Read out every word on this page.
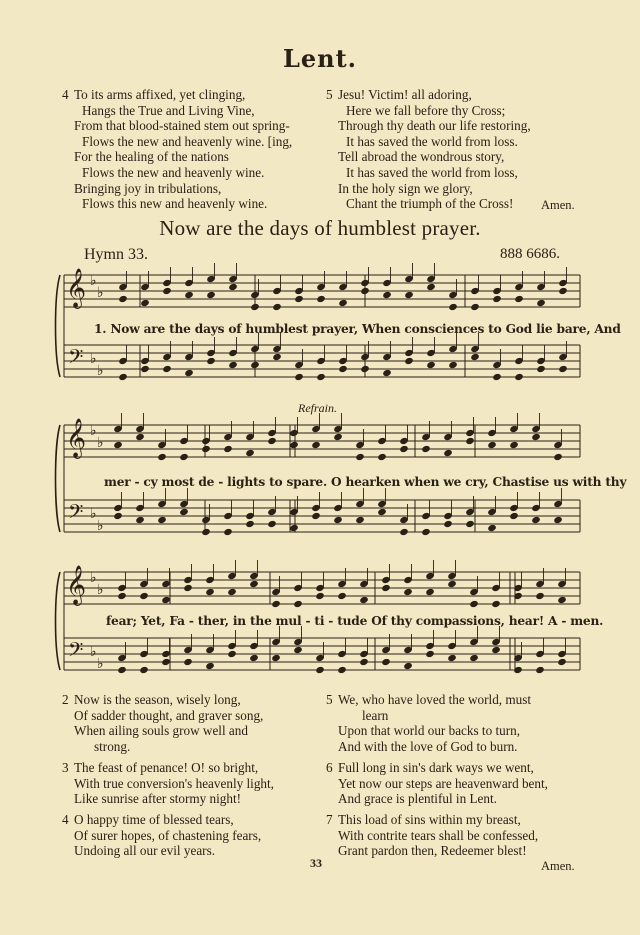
Lent.
4 To its arms affixed, yet clinging,
Hangs the True and Living Vine,
From that blood-stained stem out spring-
Flows the new and heavenly wine. [ing,
For the healing of the nations
Flows the new and heavenly wine.
Bringing joy in tribulations,
Flows this new and heavenly wine.
5 Jesu! Victim! all adoring,
Here we fall before thy Cross;
Through thy death our life restoring,
It has saved the world from loss.
Tell abroad the wondrous story,
It has saved the world from loss,
In the holy sign we glory,
Chant the triumph of the Cross!	Amen.
Now are the days of humblest prayer.
Hymn 33.	888 6686.
𝄞
𝄢
♭
♭
♭
♭
𝄞
𝄢
♭
♭
♭
♭
𝄞
𝄢
♭
♭
♭
♭
1. Now are the days of humblest prayer, When consciences to God lie bare, And
Refrain.
mer - cy most de - lights to spare. O hearken when we cry, Chastise us with thy
fear; Yet, Fa - ther, in the mul - ti - tude Of thy compassions, hear! A - men.
2 Now is the season, wisely long,
Of sadder thought, and graver song,
When ailing souls grow well and
strong.
3 The feast of penance! O! so bright,
With true conversion's heavenly light,
Like sunrise after stormy night!
4 O happy time of blessed tears,
Of surer hopes, of chastening fears,
Undoing all our evil years.
5 We, who have loved the world, must
learn
Upon that world our backs to turn,
And with the love of God to burn.
6 Full long in sin's dark ways we went,
Yet now our steps are heavenward bent,
And grace is plentiful in Lent.
7 This load of sins within my breast,
With contrite tears shall be confessed,
Grant pardon then, Redeemer blest!
Amen.
33
